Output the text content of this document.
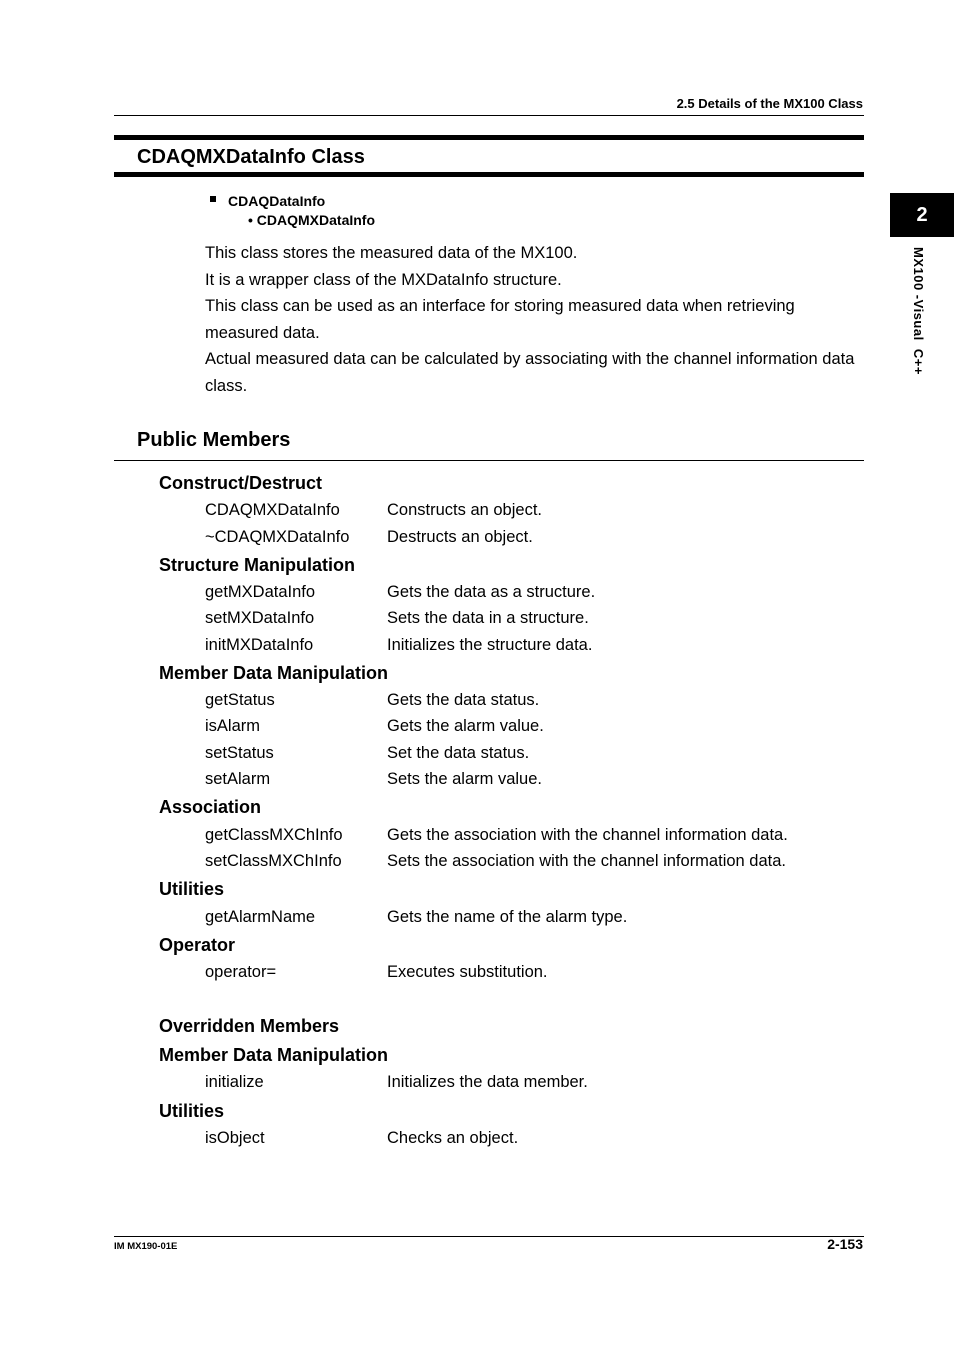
2.5 Details of the MX100 Class
CDAQMXDataInfo Class
CDAQDataInfo
• CDAQMXDataInfo

This class stores the measured data of the MX100.

It is a wrapper class of the MXDataInfo structure.

This class can be used as an interface for storing measured data when retrieving measured data.

Actual measured data can be calculated by associating with the channel information data class.

Public Members
Construct/Destruct
CDAQMXDataInfo	Constructs an object.
~CDAQMXDataInfo Destructs an object.
Structure Manipulation
getMXDataInfo	Gets the data as a structure.
setMXDataInfo	Sets the data in a structure.
initMXDataInfo	Initializes the structure data.
Member Data Manipulation
getStatus	Gets the data status.
isAlarm	Gets the alarm value.
setStatus	Set the data status.
setAlarm	Sets the alarm value.
Association
getClassMXChInfo	Gets the association with the channel information data.
setClassMXChInfo	Sets the association with the channel information data.
Utilities
getAlarmName	Gets the name of the alarm type.
Operator
operator=	Executes substitution.
Overridden Members
Member Data Manipulation
initialize	Initializes the data member.
Utilities
isObject	Checks an object.
2
MX100 -Visual  C++
IM MX190-01E	2-153
